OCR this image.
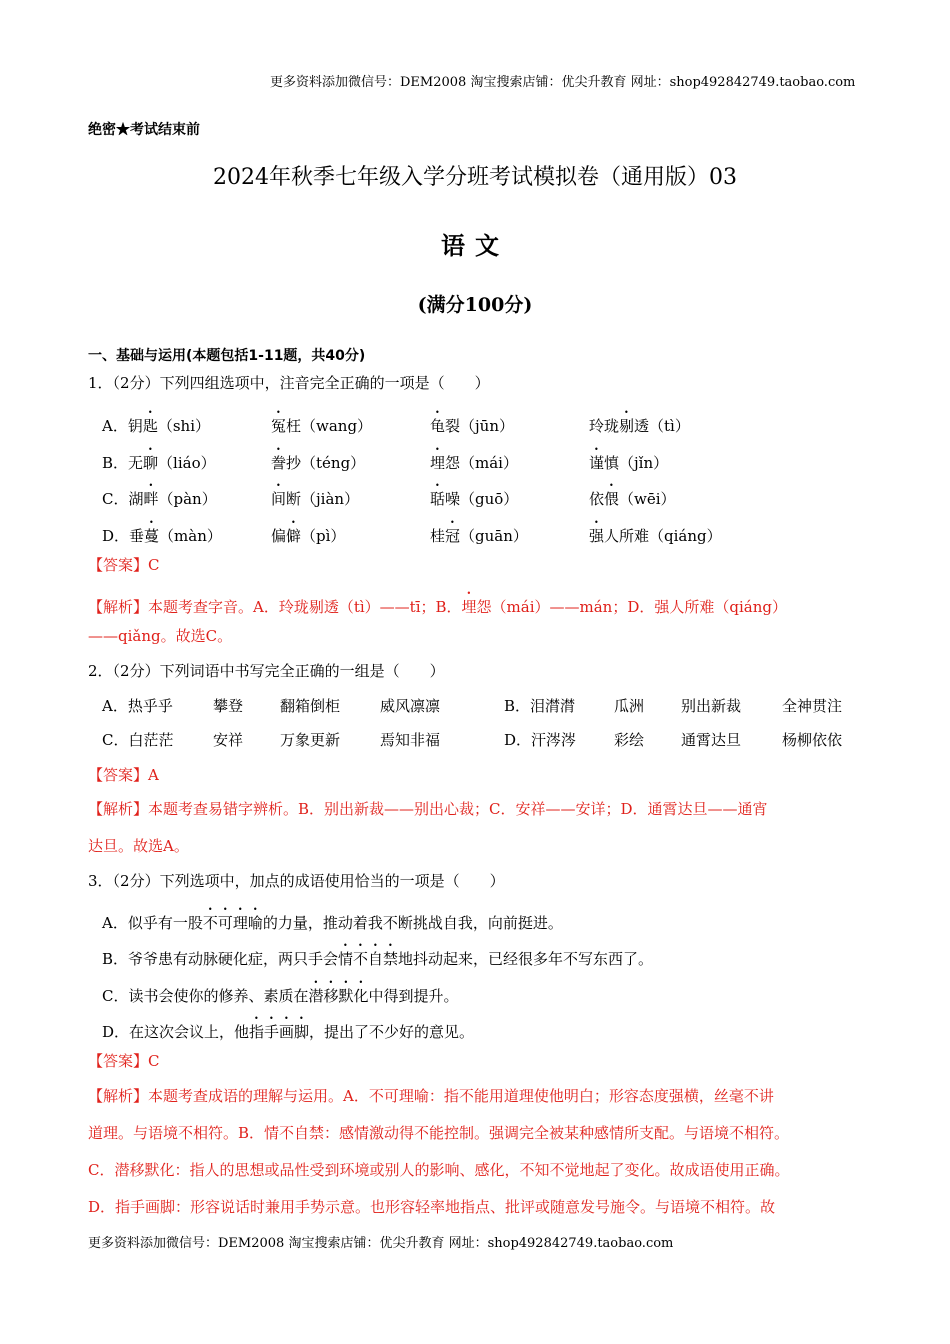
更多资料添加微信号：DEM2008 淘宝搜索店铺：优尖升教育 网址：shop492842749.taobao.com
绝密★考试结束前
2024年秋季七年级入学分班考试模拟卷（通用版）03
语文
(满分100分)
一、基础与运用(本题包括1-11题，共40分)
1．（2分）下列四组选项中，注音完全正确的一项是（　　）
A．钥匙（shi）	冤枉（wang）	龟裂（jūn）	玲珑剔透（tì）
B．无聊（liáo）	誊抄（téng）	埋怨（mái）	谨慎（jǐn）
C．湖畔（pàn）	间断（jiàn）	聒噪（guō）	依偎（wēi）
D．垂蔓（màn）	偏僻（pì）	桂冠（guān）	强人所难（qiáng）
【答案】C
【解析】本题考查字音。A．玲珑剔透（tì）——tī；B．埋怨（mái）——mán；D．强人所难（qiáng）
——qiǎng。故选C。
2．（2分）下列词语中书写完全正确的一组是（　　）
A．热乎乎	攀登 翻箱倒柜	威风凛凛	B．泪潸潸	瓜洲 别出新裁	全神贯注
C．白茫茫	安祥 万象更新	焉知非福	D．汗涔涔	彩绘 通霄达旦	杨柳依依
【答案】A
【解析】本题考查易错字辨析。B．别出新裁——别出心裁；C．安祥——安详；D．通霄达旦——通宵
达旦。故选A。
3．（2分）下列选项中，加点的成语使用恰当的一项是（　　）
A．似乎有一股不可理喻的力量，推动着我不断挑战自我，向前挺进。
B．爷爷患有动脉硬化症，两只手会情不自禁地抖动起来，已经很多年不写东西了。
C．读书会使你的修养、素质在潜移默化中得到提升。
D．在这次会议上，他指手画脚，提出了不少好的意见。
【答案】C
【解析】本题考查成语的理解与运用。A．不可理喻：指不能用道理使他明白；形容态度强横，丝毫不讲
道理。与语境不相符。B．情不自禁：感情激动得不能控制。强调完全被某种感情所支配。与语境不相符。
C．潜移默化：指人的思想或品性受到环境或别人的影响、感化，不知不觉地起了变化。故成语使用正确。
D．指手画脚：形容说话时兼用手势示意。也形容轻率地指点、批评或随意发号施令。与语境不相符。故
更多资料添加微信号：DEM2008 淘宝搜索店铺：优尖升教育 网址：shop492842749.taobao.com
